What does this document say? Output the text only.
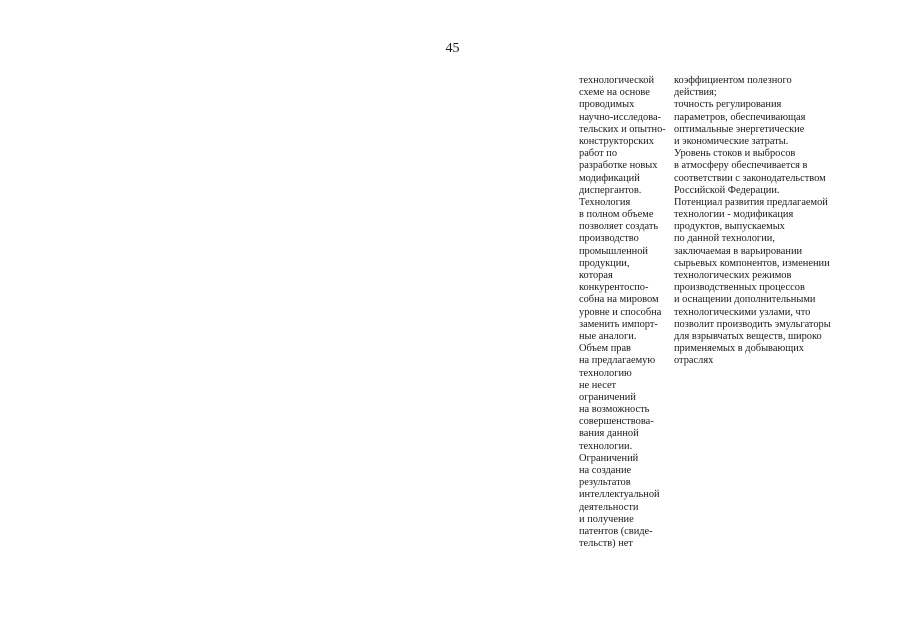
45
технологической
схеме на основе
проводимых
научно-исследова-
тельских и опытно-
конструкторских
работ по
разработке новых
модификаций
диспергантов.
Технология
в полном объеме
позволяет создать
производство
промышленной
продукции,
которая
конкурентоспо-
собна на мировом
уровне и способна
заменить импорт-
ные аналоги.
Объем прав
на предлагаемую
технологию
не несет
ограничений
на возможность
совершенствова-
вания данной
технологии.
Ограничений
на создание
результатов
интеллектуальной
деятельности
и получение
патентов (свиде-
тельств) нет
коэффициентом полезного
действия;
точность регулирования
параметров, обеспечивающая
оптимальные энергетические
и экономические затраты.
Уровень стоков и выбросов
в атмосферу обеспечивается в
соответствии с законодательством
Российской Федерации.
Потенциал развития предлагаемой
технологии - модификация
продуктов, выпускаемых
по данной технологии,
заключаемая в варьировании
сырьевых компонентов, изменении
технологических режимов
производственных процессов
и оснащении дополнительными
технологическими узлами, что
позволит производить эмульгаторы
для взрывчатых веществ, широко
применяемых в добывающих
отраслях
